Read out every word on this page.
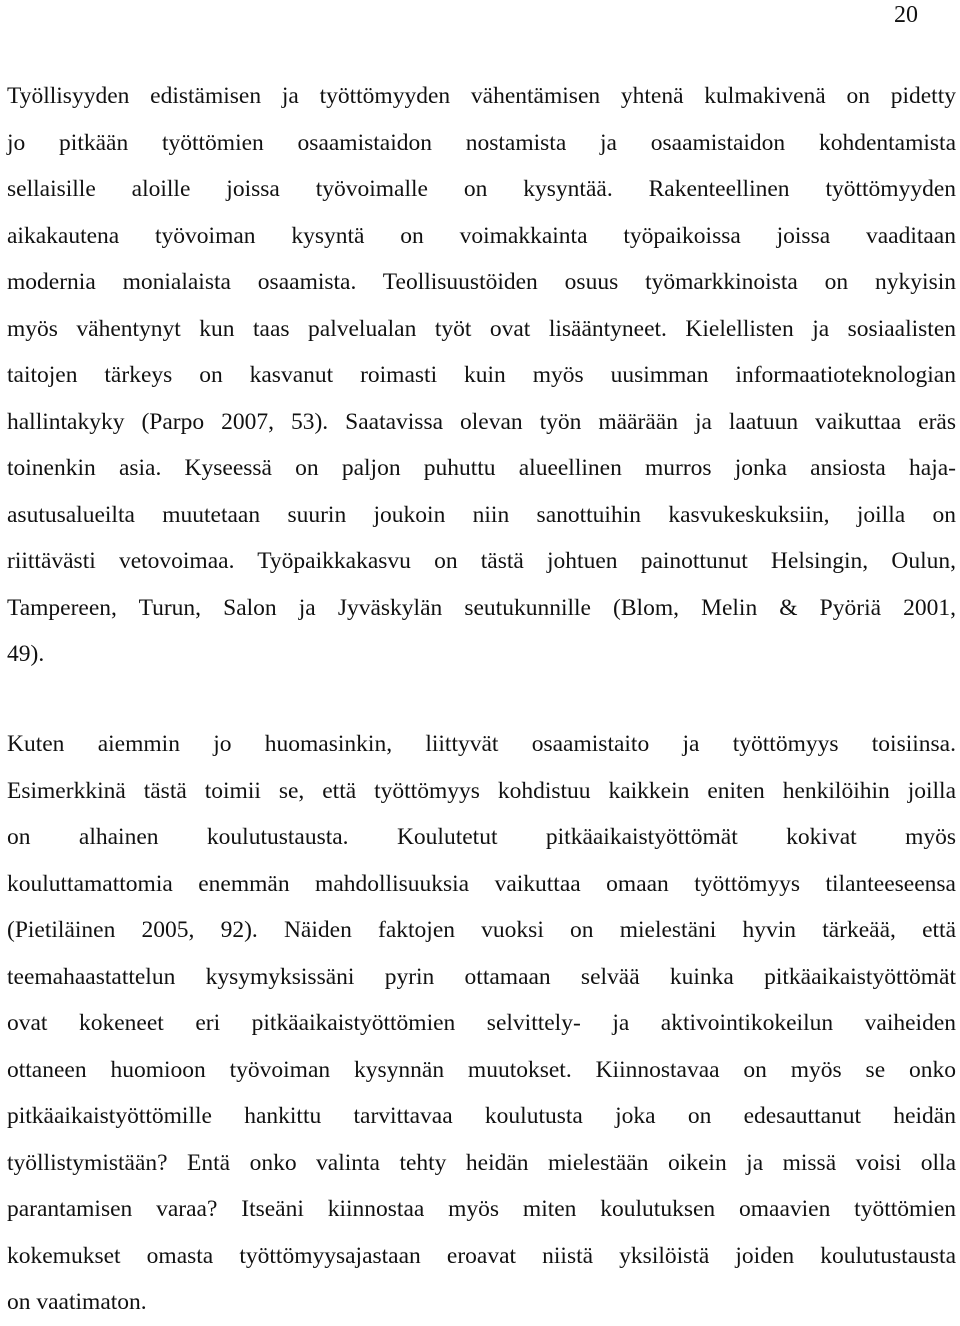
20
Työllisyyden edistämisen ja työttömyyden vähentämisen yhtenä kulmakivenä on pidetty
jo pitkään työttömien osaamistaidon nostamista ja osaamistaidon kohdentamista
sellaisille aloille joissa työvoimalle on kysyntää. Rakenteellinen työttömyyden
aikakautena työvoiman kysyntä on voimakkainta työpaikoissa joissa vaaditaan
modernia monialaista osaamista. Teollisuustöiden osuus työmarkkinoista on nykyisin
myös vähentynyt kun taas palvelualan työt ovat lisääntyneet. Kielellisten ja sosiaalisten
taitojen tärkeys on kasvanut roimasti kuin myös uusimman informaatioteknologian
hallintakyky (Parpo 2007, 53). Saatavissa olevan työn määrään ja laatuun vaikuttaa eräs
toinenkin asia. Kyseessä on paljon puhuttu alueellinen murros jonka ansiosta haja-
asutusalueilta muutetaan suurin joukoin niin sanottuihin kasvukeskuksiin, joilla on
riittävästi vetovoimaa. Työpaikkakasvu on tästä johtuen painottunut Helsingin, Oulun,
Tampereen, Turun, Salon ja Jyväskylän seutukunnille (Blom, Melin & Pyöriä 2001,
49).
Kuten aiemmin jo huomasinkin, liittyvät osaamistaito ja työttömyys toisiinsa.
Esimerkkinä tästä toimii se, että työttömyys kohdistuu kaikkein eniten henkilöihin joilla
on alhainen koulutustausta. Koulutetut pitkäaikaistyöttömät kokivat myös
kouluttamattomia enemmän mahdollisuuksia vaikuttaa omaan työttömyys tilanteeseensa
(Pietiläinen 2005, 92). Näiden faktojen vuoksi on mielestäni hyvin tärkeää, että
teemahaastattelun kysymyksissäni pyrin ottamaan selvää kuinka pitkäaikaistyöttömät
ovat kokeneet eri pitkäaikaistyöttömien selvittely- ja aktivointikokeilun vaiheiden
ottaneen huomioon työvoiman kysynnän muutokset. Kiinnostavaa on myös se onko
pitkäaikaistyöttömille hankittu tarvittavaa koulutusta joka on edesauttanut heidän
työllistymistään? Entä onko valinta tehty heidän mielestään oikein ja missä voisi olla
parantamisen varaa? Itseäni kiinnostaa myös miten koulutuksen omaavien työttömien
kokemukset omasta työttömyysajastaan eroavat niistä yksilöistä joiden koulutustausta
on vaatimaton.
